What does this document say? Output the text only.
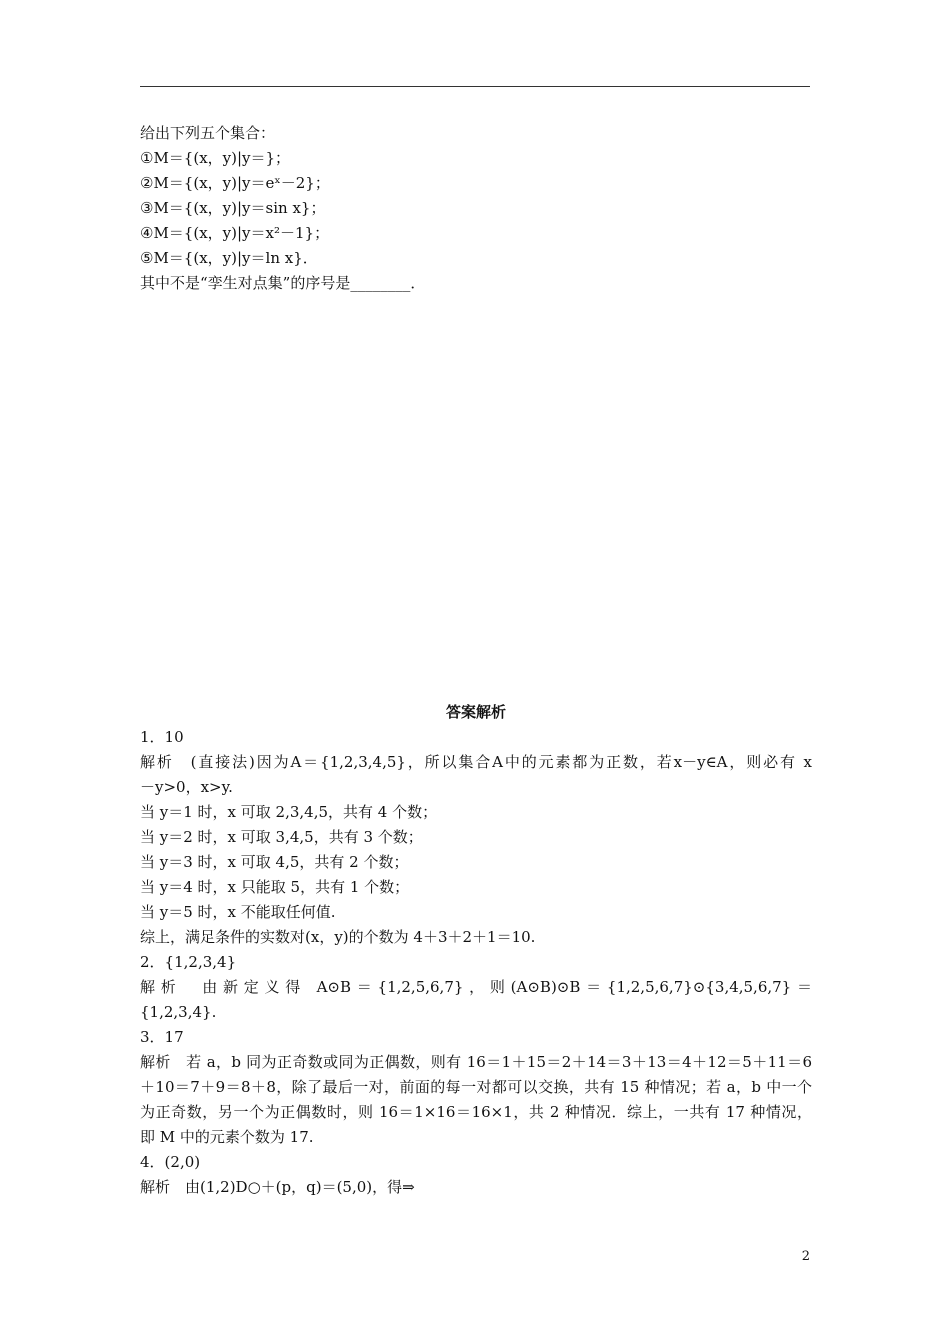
给出下列五个集合：
①M＝{(x，y)|y＝}；
②M＝{(x，y)|y＝eˣ－2}；
③M＝{(x，y)|y＝sin x}；
④M＝{(x，y)|y＝x²－1}；
⑤M＝{(x，y)|y＝ln x}．
其中不是“孪生对点集”的序号是________．
答案解析
1．10
解析　(直接法)因为A＝{1,2,3,4,5}，所以集合A中的元素都为正数，若x－y∈A，则必有 x
－y>0，x>y.
当 y＝1 时，x 可取 2,3,4,5，共有 4 个数；
当 y＝2 时，x 可取 3,4,5，共有 3 个数；
当 y＝3 时，x 可取 4,5，共有 2 个数；
当 y＝4 时，x 只能取 5，共有 1 个数；
当 y＝5 时，x 不能取任何值.
综上，满足条件的实数对(x，y)的个数为 4＋3＋2＋1＝10.
2．{1,2,3,4}
解析　由新定义得 A⊙B＝{1,2,5,6,7}，则(A⊙B)⊙B＝{1,2,5,6,7}⊙{3,4,5,6,7}＝
{1,2,3,4}.
3．17
解析　若 a，b 同为正奇数或同为正偶数，则有 16＝1＋15＝2＋14＝3＋13＝4＋12＝5＋11＝6
＋10＝7＋9＝8＋8，除了最后一对，前面的每一对都可以交换，共有 15 种情况；若 a，b 中一个
为正奇数，另一个为正偶数时，则 16＝1×16＝16×1，共 2 种情况．综上，一共有 17 种情况，
即 M 中的元素个数为 17.
4．(2,0)
解析　由(1,2)D○＋(p，q)＝(5,0)，得⇒
2
